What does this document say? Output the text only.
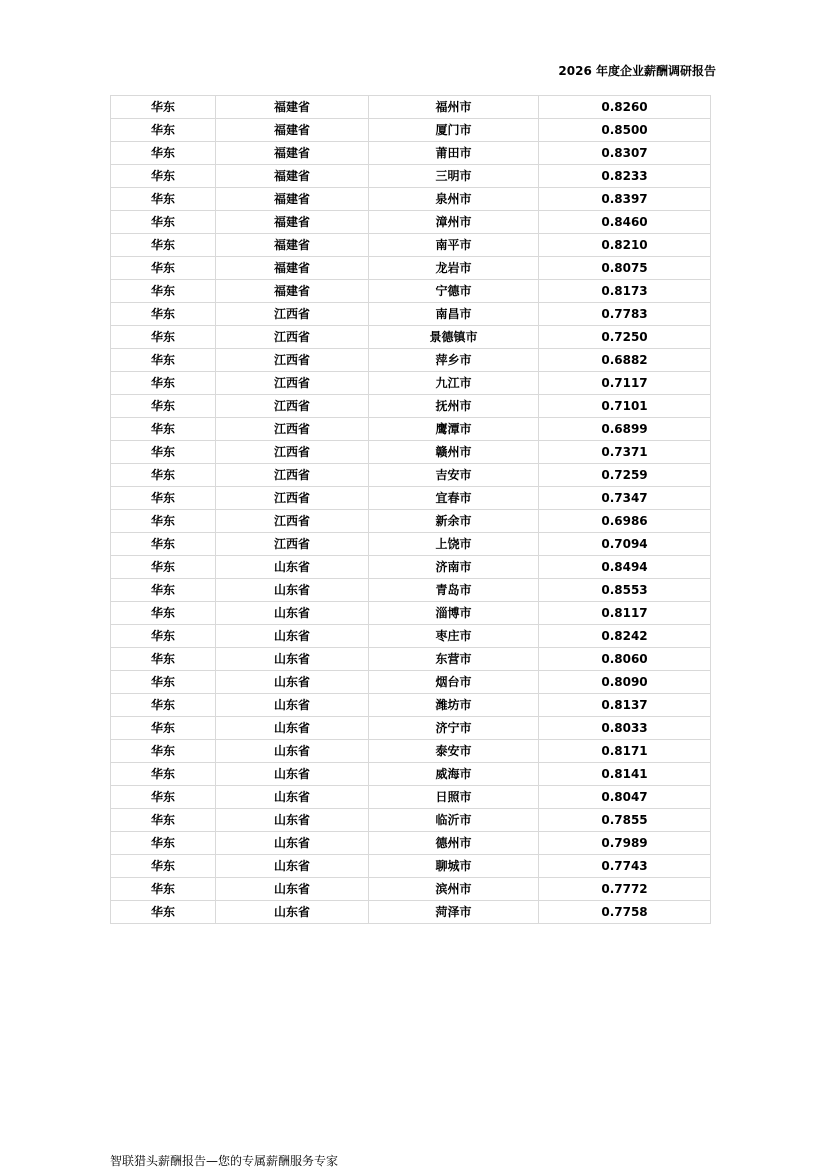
2026 年度企业薪酬调研报告
华东	福建省	福州市	0.8260
华东	福建省	厦门市	0.8500
华东	福建省	莆田市	0.8307
华东	福建省	三明市	0.8233
华东	福建省	泉州市	0.8397
华东	福建省	漳州市	0.8460
华东	福建省	南平市	0.8210
华东	福建省	龙岩市	0.8075
华东	福建省	宁德市	0.8173
华东	江西省	南昌市	0.7783
华东	江西省	景德镇市	0.7250
华东	江西省	萍乡市	0.6882
华东	江西省	九江市	0.7117
华东	江西省	抚州市	0.7101
华东	江西省	鹰潭市	0.6899
华东	江西省	赣州市	0.7371
华东	江西省	吉安市	0.7259
华东	江西省	宜春市	0.7347
华东	江西省	新余市	0.6986
华东	江西省	上饶市	0.7094
华东	山东省	济南市	0.8494
华东	山东省	青岛市	0.8553
华东	山东省	淄博市	0.8117
华东	山东省	枣庄市	0.8242
华东	山东省	东营市	0.8060
华东	山东省	烟台市	0.8090
华东	山东省	潍坊市	0.8137
华东	山东省	济宁市	0.8033
华东	山东省	泰安市	0.8171
华东	山东省	威海市	0.8141
华东	山东省	日照市	0.8047
华东	山东省	临沂市	0.7855
华东	山东省	德州市	0.7989
华东	山东省	聊城市	0.7743
华东	山东省	滨州市	0.7772
华东	山东省	菏泽市	0.7758
智联猎头薪酬报告—您的专属薪酬服务专家
